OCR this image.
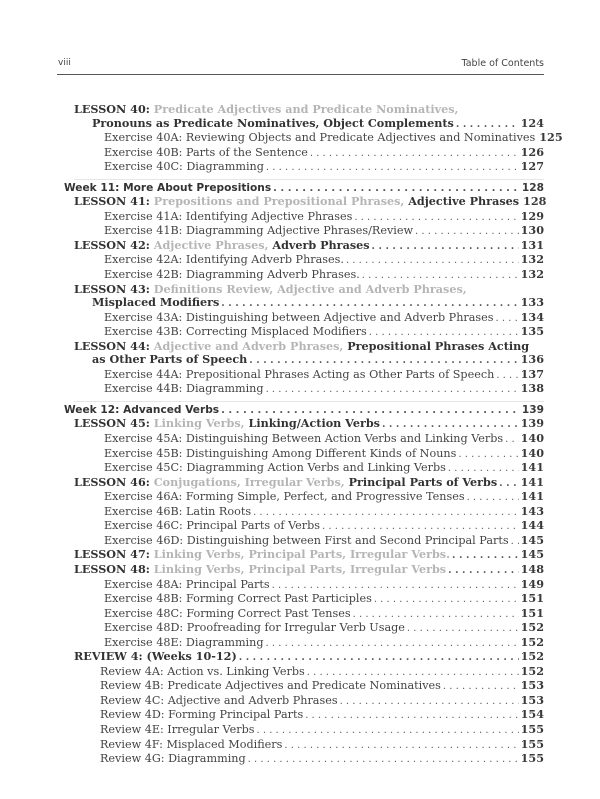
viii	Table of Contents
LESSON 40: Predicate Adjectives and Predicate Nominatives,
Pronouns as Predicate Nominatives, Object Complements . . .	124
Exercise 40A: Reviewing Objects and Predicate Adjectives and Nominatives 125
Exercise 40B: Parts of the Sentence . . .	126
Exercise 40C: Diagramming . . .	127
Week 11: More About Prepositions . . .	128
LESSON 41: Prepositions and Prepositional Phrases, Adjective Phrases 128
Exercise 41A: Identifying Adjective Phrases . . .	129
Exercise 41B: Diagramming Adjective Phrases/Review . . .	130
LESSON 42: Adjective Phrases, Adverb Phrases . . .	131
Exercise 42A: Identifying Adverb Phrases. . . .	132
Exercise 42B: Diagramming Adverb Phrases. . . .	132
LESSON 43: Definitions Review, Adjective and Adverb Phrases,
Misplaced Modifiers . . .	133
Exercise 43A: Distinguishing between Adjective and Adverb Phrases . . . 134
Exercise 43B: Correcting Misplaced Modifiers . . .	135
LESSON 44: Adjective and Adverb Phrases, Prepositional Phrases Acting
as Other Parts of Speech . . .	136
Exercise 44A: Prepositional Phrases Acting as Other Parts of Speech . . . 137
Exercise 44B: Diagramming . . .	138
Week 12: Advanced Verbs . . .	139
LESSON 45: Linking Verbs, Linking/Action Verbs . . .	139
Exercise 45A: Distinguishing Between Action Verbs and Linking Verbs . . . 140
Exercise 45B: Distinguishing Among Different Kinds of Nouns . . .	140
Exercise 45C: Diagramming Action Verbs and Linking Verbs . . .	141
LESSON 46: Conjugations, Irregular Verbs, Principal Parts of Verbs . . . 141
Exercise 46A: Forming Simple, Perfect, and Progressive Tenses . . .	141
Exercise 46B: Latin Roots . . .	143
Exercise 46C: Principal Parts of Verbs . . .	144
Exercise 46D: Distinguishing between First and Second Principal Parts . . . 145
LESSON 47: Linking Verbs, Principal Parts, Irregular Verbs. . . .	145
LESSON 48: Linking Verbs, Principal Parts, Irregular Verbs . . .	148
Exercise 48A: Principal Parts . . .	149
Exercise 48B: Forming Correct Past Participles . . .	151
Exercise 48C: Forming Correct Past Tenses . . .	151
Exercise 48D: Proofreading for Irregular Verb Usage . . .	152
Exercise 48E: Diagramming . . .	152
REVIEW 4: (Weeks 10-12) . . .	152
Review 4A: Action vs. Linking Verbs . . .	152
Review 4B: Predicate Adjectives and Predicate Nominatives . . .	153
Review 4C: Adjective and Adverb Phrases . . .	153
Review 4D: Forming Principal Parts . . .	154
Review 4E: Irregular Verbs . . .	155
Review 4F: Misplaced Modifiers . . .	155
Review 4G: Diagramming . . .	155
